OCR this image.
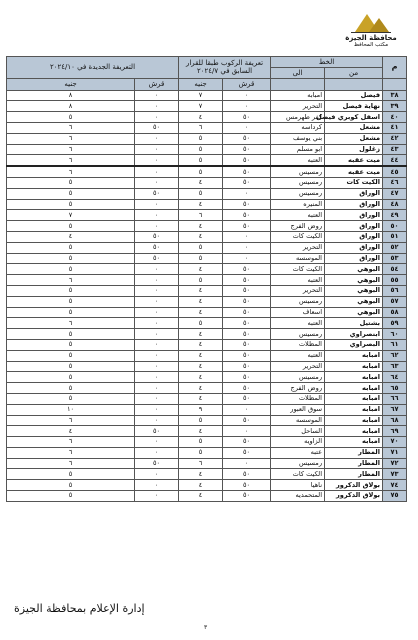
محافظة الجيزة
مكتب المحافظ
م	الخط		تعريفة الركوب طبقا للقرار السابق في ٢٠٢٤/٧		التعريفة الجديدة في ٢٠٢٤/١٠	
	من	الى				
			قرش	جنيه	قرش	جنيه
٣٨	فيصل	امبابه	٠	٧	٠	٨
٣٩	نهاية فيصل	التحرير	٠	٧	٠	٨
٤٠	اسفل كوبري فيصل	كفر طهرمس	٥٠	٤	٠	٥
٤١	مشعل	كرداسه	٠	٦	٥٠	٦
٤٢	مشعل	بني يوسف	٥٠	٥	٠	٦
٤٣	زغلول	ابو مسلم	٥٠	٥	٠	٦
٤٤	ميت عقبه	العتبه	٥٠	٥	٠	٦
٤٥	ميت عقبه	رمسيس	٥٠	٥	٠	٦
٤٦	الكيت كات	رمسيس	٥٠	٤	٠	٥
٤٧	الوراق	رمسيس	٠	٥	٥٠	٥
٤٨	الوراق	المنيره	٥٠	٤	٠	٥
٤٩	الوراق	العتبه	٥٠	٦	٠	٧
٥٠	الوراق	روض الفرج	٥٠	٤	٠	٥
٥١	الوراق	الكيت كات	٠	٤	٥٠	٤
٥٢	الوراق	التحرير	٠	٥	٥٠	٥
٥٣	الوراق	الموسسه	٠	٥	٥٠	٥
٥٤	البوهي	الكيت كات	٥٠	٤	٠	٥
٥٥	البوهي	العتبه	٥٠	٥	٠	٦
٥٦	البوهي	التحرير	٥٠	٤	٠	٥
٥٧	البوهي	رمسيس	٥٠	٤	٠	٥
٥٨	البوهي	اسعاف	٥٠	٤	٠	٥
٥٩	بشتيل	العتبه	٥٠	٥	٠	٦
٦٠	ابنصراوي	رمسيس	٥٠	٤	٠	٥
٦١	البصراوي	المظلات	٥٠	٤	٠	٥
٦٢	امبابه	العتبه	٥٠	٤	٠	٥
٦٣	امبابه	التحرير	٥٠	٤	٠	٥
٦٤	امبابه	رمسيس	٥٠	٤	٠	٥
٦٥	امبابه	روض الفرج	٥٠	٤	٠	٥
٦٦	امبابه	المظلات	٥٠	٤	٠	٥
٦٧	امبابه	سوق العبور	٠	٩	٠	١٠
٦٨	امبابه	الموسسه	٥٠	٥	٠	٦
٦٩	امبابه	الساحل	٠	٤	٥٠	٤
٧٠	امبابه	الزاويه	٥٠	٥	٠	٦
٧١	المطار	عتبه	٥٠	٥	٠	٦
٧٢	المطار	رمسيس	٠	٦	٥٠	٦
٧٣	المطار	الكيت كات	٥٠	٤	٠	٥
٧٤	بولاق الدكرور	ناهيا	٥٠	٤	٠	٥
٧٥	بولاق الدكرور	المتحمديه	٥٠	٤	٠	٥
إدارة الإعلام بمحافظة الجيزة
٣
